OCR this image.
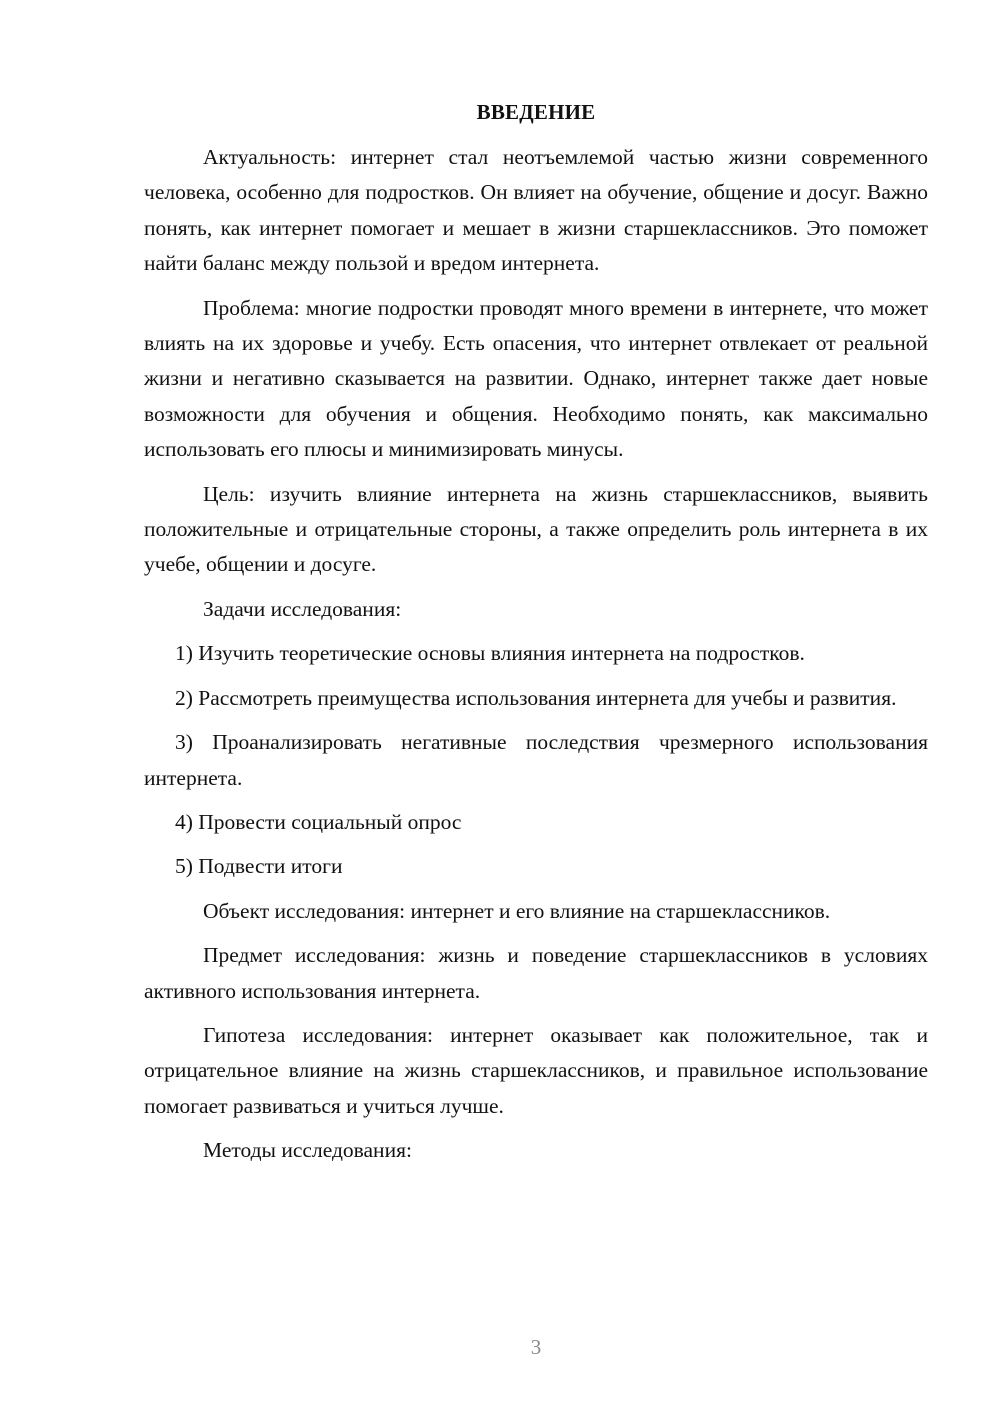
ВВЕДЕНИЕ

Актуальность: интернет стал неотъемлемой частью жизни современного человека, особенно для подростков. Он влияет на обучение, общение и досуг. Важно понять, как интернет помогает и мешает в жизни старшеклассников. Это поможет найти баланс между пользой и вредом интернета.

Проблема: многие подростки проводят много времени в интернете, что может влиять на их здоровье и учебу. Есть опасения, что интернет отвлекает от реальной жизни и негативно сказывается на развитии. Однако, интернет также дает новые возможности для обучения и общения. Необходимо понять, как максимально использовать его плюсы и минимизировать минусы.

Цель: изучить влияние интернета на жизнь старшеклассников, выявить положительные и отрицательные стороны, а также определить роль интернета в их учебе, общении и досуге.

Задачи исследования:

1) Изучить теоретические основы влияния интернета на подростков.

2) Рассмотреть преимущества использования интернета для учебы и развития.

3) Проанализировать негативные последствия чрезмерного использования интернета.

4) Провести социальный опрос

5) Подвести итоги

Объект исследования: интернет и его влияние на старшеклассников.

Предмет исследования: жизнь и поведение старшеклассников в условиях активного использования интернета.

Гипотеза исследования: интернет оказывает как положительное, так и отрицательное влияние на жизнь старшеклассников, и правильное использование помогает развиваться и учиться лучше.

Методы исследования:

3
